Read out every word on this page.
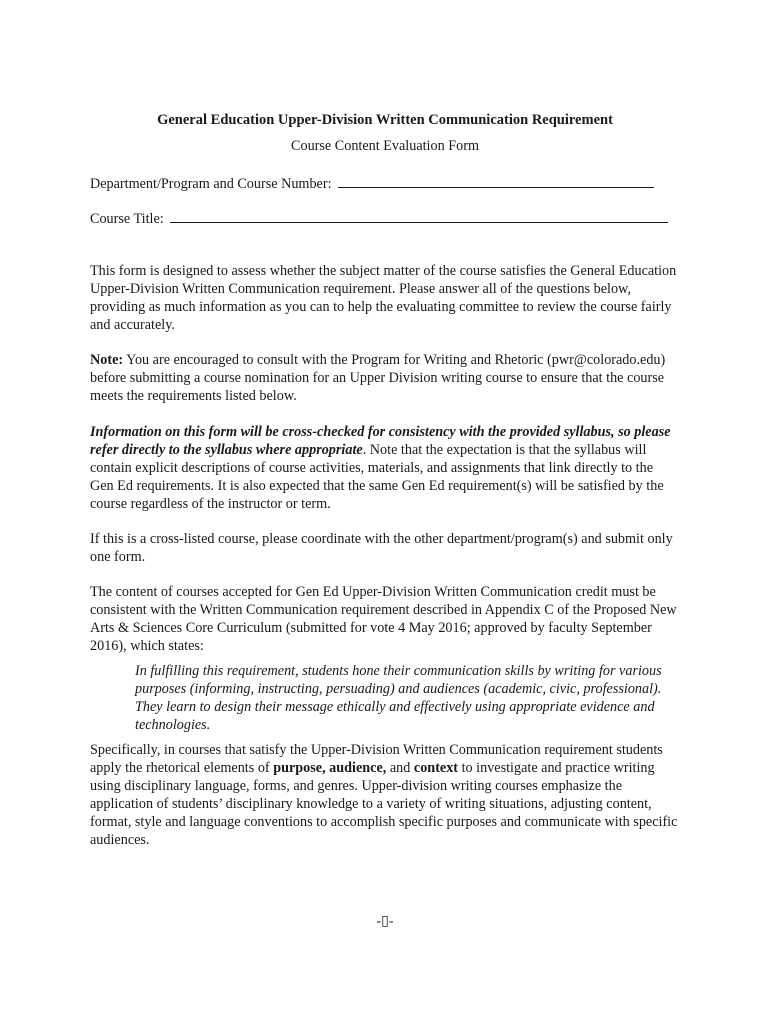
General Education Upper-Division Written Communication Requirement
Course Content Evaluation Form
Department/Program and Course Number:
Course Title:

This form is designed to assess whether the subject matter of the course satisfies the General Education Upper-Division Written Communication requirement. Please answer all of the questions below, providing as much information as you can to help the evaluating committee to review the course fairly and accurately.

Note: You are encouraged to consult with the Program for Writing and Rhetoric (pwr@colorado.edu) before submitting a course nomination for an Upper Division writing course to ensure that the course meets the requirements listed below.

Information on this form will be cross-checked for consistency with the provided syllabus, so please refer directly to the syllabus where appropriate. Note that the expectation is that the syllabus will contain explicit descriptions of course activities, materials, and assignments that link directly to the Gen Ed requirements. It is also expected that the same Gen Ed requirement(s) will be satisfied by the course regardless of the instructor or term.

If this is a cross-listed course, please coordinate with the other department/program(s) and submit only one form.

The content of courses accepted for Gen Ed Upper-Division Written Communication credit must be consistent with the Written Communication requirement described in Appendix C of the Proposed New Arts & Sciences Core Curriculum (submitted for vote 4 May 2016; approved by faculty September 2016), which states:

In fulfilling this requirement, students hone their communication skills by writing for various purposes (informing, instructing, persuading) and audiences (academic, civic, professional). They learn to design their message ethically and effectively using appropriate evidence and technologies.

Specifically, in courses that satisfy the Upper-Division Written Communication requirement students apply the rhetorical elements of purpose, audience, and context to investigate and practice writing using disciplinary language, forms, and genres. Upper-division writing courses emphasize the application of students’ disciplinary knowledge to a variety of writing situations, adjusting content, format, style and language conventions to accomplish specific purposes and communicate with specific audiences.

-▯-
